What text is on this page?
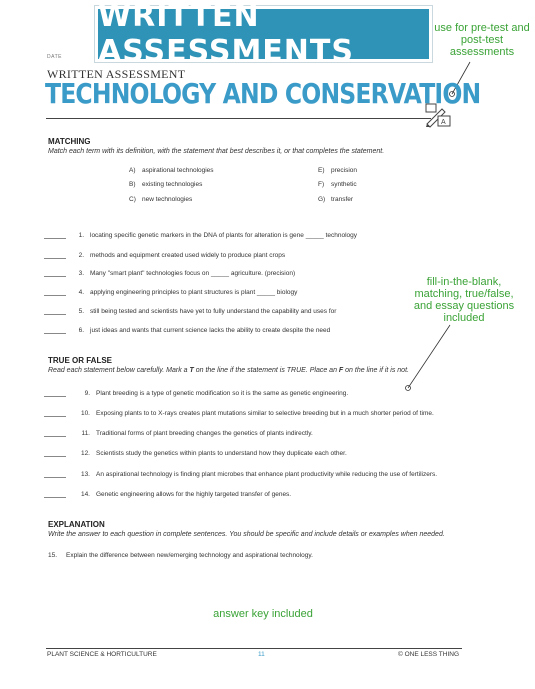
WRITTEN ASSESSMENTS
use for pre-test and post-test assessments
fill-in-the-blank, matching, true/false, and essay questions included
answer key included
DATE
WRITTEN ASSESSMENT
TECHNOLOGY AND CONSERVATION
A
MATCHING
Match each term with its definition, with the statement that best describes it, or that completes the statement.
A) aspirational technologies
B) existing technologies
C) new technologies
E) precision
F) synthetic
G) transfer
1. locating specific genetic markers in the DNA of plants for alteration is gene _____ technology
2. methods and equipment created used widely to produce plant crops
3. Many "smart plant" technologies focus on _____ agriculture. (precision)
4. applying engineering principles to plant structures is plant _____ biology
5. still being tested and scientists have yet to fully understand the capability and uses for
6. just ideas and wants that current science lacks the ability to create despite the need
TRUE OR FALSE
Read each statement below carefully. Mark a T on the line if the statement is TRUE. Place an F on the line if it is not.
9. Plant breeding is a type of genetic modification so it is the same as genetic engineering.
10. Exposing plants to to X-rays creates plant mutations similar to selective breeding but in a much shorter period of time.
11. Traditional forms of plant breeding changes the genetics of plants indirectly.
12. Scientists study the genetics within plants to understand how they duplicate each other.
13. An aspirational technology is finding plant microbes that enhance plant productivity while reducing the use of fertilizers.
14. Genetic engineering allows for the highly targeted transfer of genes.
EXPLANATION
Write the answer to each question in complete sentences. You should be specific and include details or examples when needed.
15. Explain the difference between new/emerging technology and aspirational technology.
PLANT SCIENCE & HORTICULTURE	11	© ONE LESS THING
